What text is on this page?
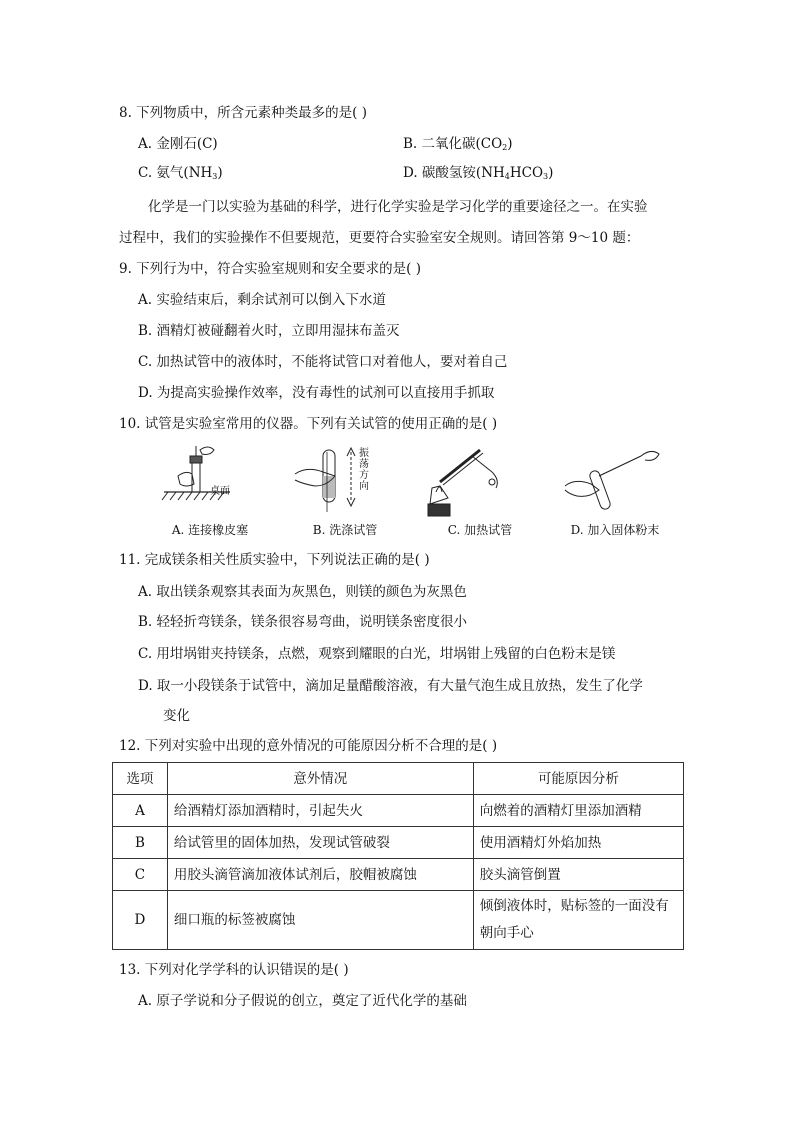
8. 下列物质中，所含元素种类最多的是( )
A. 金刚石(C)	B. 二氧化碳$(CO_2)$
C. 氨气$(NH_3)$	D. 碳酸氢铵$(NH_4HCO_3)$
化学是一门以实验为基础的科学，进行化学实验是学习化学的重要途径之一。在实验
过程中，我们的实验操作不但要规范，更要符合实验室安全规则。请回答第 9～10 题：
9. 下列行为中，符合实验室规则和安全要求的是( )
A. 实验结束后，剩余试剂可以倒入下水道
B. 酒精灯被碰翻着火时，立即用湿抹布盖灭
C. 加热试管中的液体时，不能将试管口对着他人，要对着自己
D. 为提高实验操作效率，没有毒性的试剂可以直接用手抓取
10. 试管是实验室常用的仪器。下列有关试管的使用正确的是( )
桌面
A. 连接橡皮塞
振荡方向
B. 洗涤试管	C. 加热试管	D. 加入固体粉末
11. 完成镁条相关性质实验中，下列说法正确的是( )
A. 取出镁条观察其表面为灰黑色，则镁的颜色为灰黑色
B. 轻轻折弯镁条，镁条很容易弯曲，说明镁条密度很小
C. 用坩埚钳夹持镁条，点燃，观察到耀眼的白光，坩埚钳上残留的白色粉末是镁
D. 取一小段镁条于试管中，滴加足量醋酸溶液，有大量气泡生成且放热，发生了化学
变化
12. 下列对实验中出现的意外情况的可能原因分析不合理的是( )
选项	意外情况	可能原因分析
A	给酒精灯添加酒精时，引起失火	向燃着的酒精灯里添加酒精
B	给试管里的固体加热，发现试管破裂	使用酒精灯外焰加热
C	用胶头滴管滴加液体试剂后，胶帽被腐蚀	胶头滴管倒置
D	细口瓶的标签被腐蚀	倾倒液体时，贴标签的一面没有
朝向手心
13. 下列对化学学科的认识错误的是( )
A. 原子学说和分子假说的创立，奠定了近代化学的基础
